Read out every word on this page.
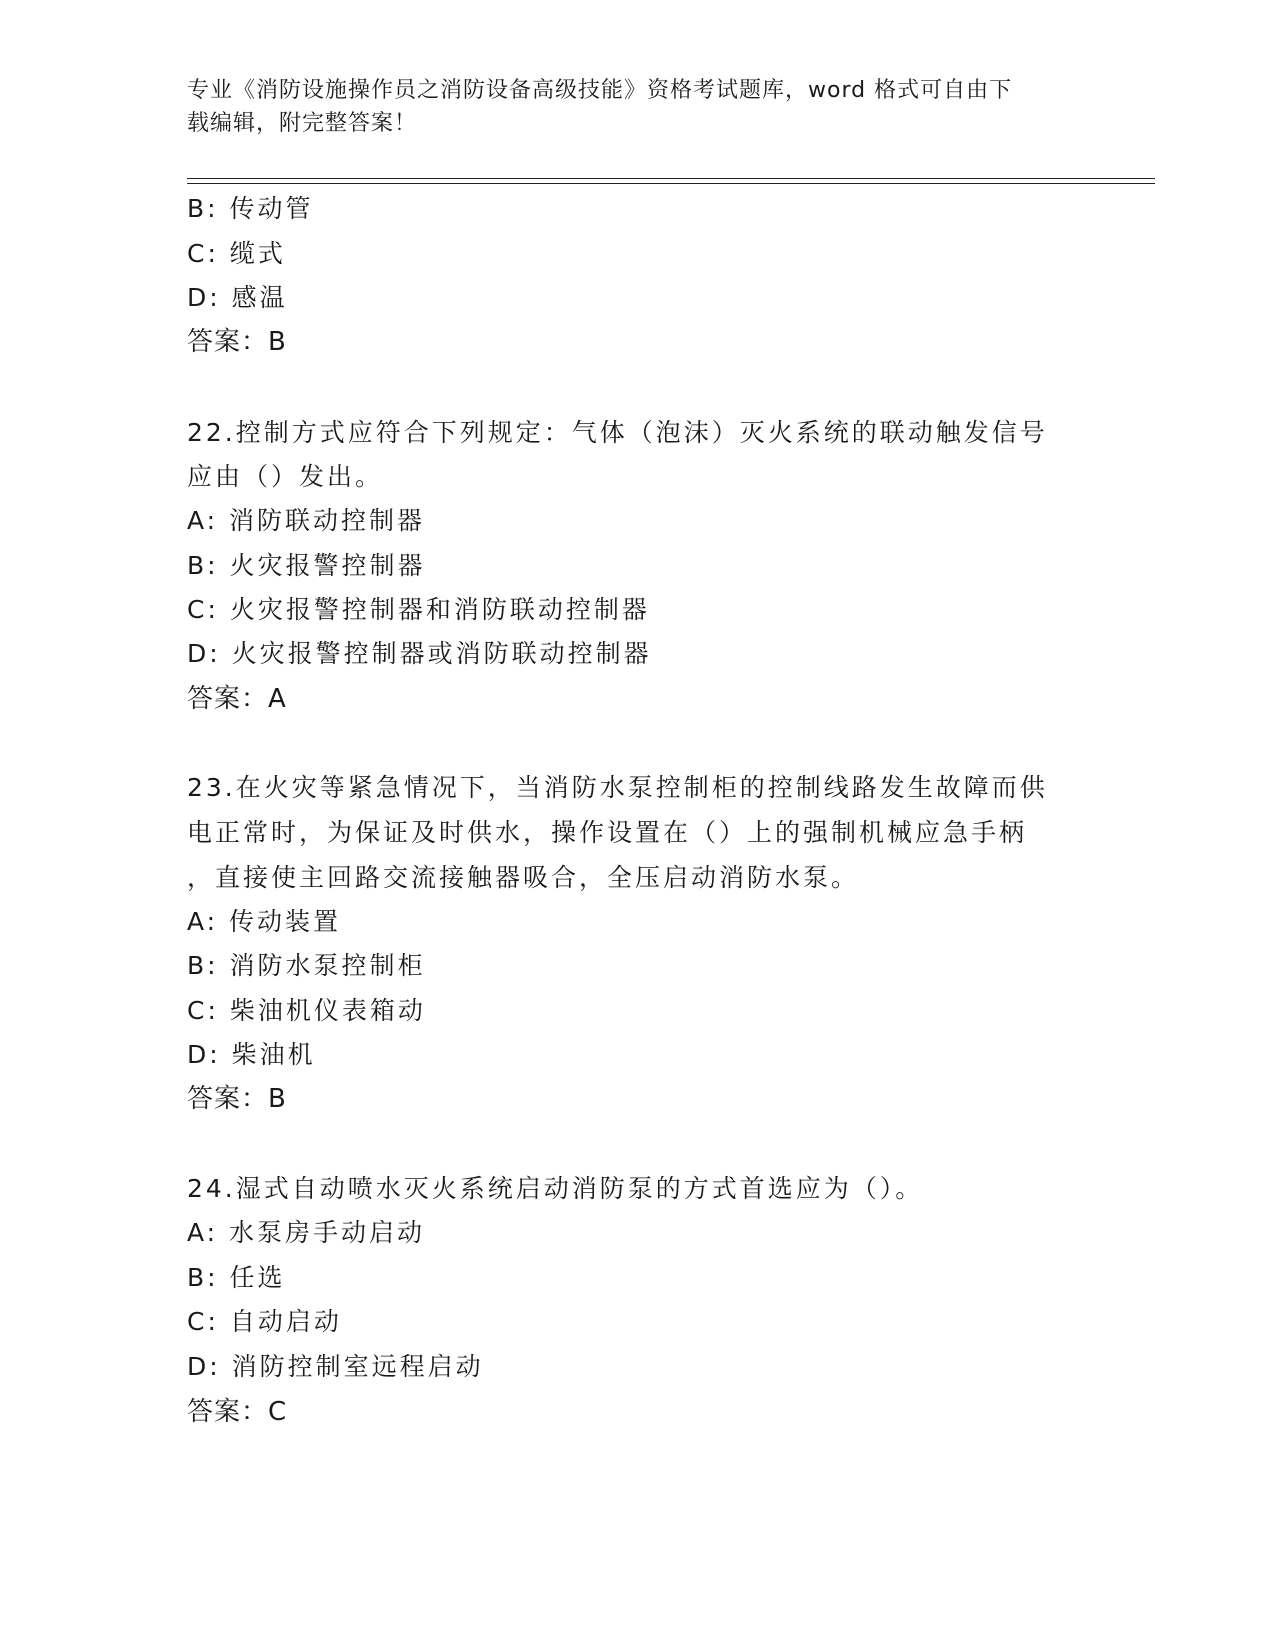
专业《消防设施操作员之消防设备高级技能》资格考试题库，word 格式可自由下
载编辑，附完整答案！
B: 传动管
C: 缆式
D: 感温
答案：B
22.控制方式应符合下列规定：气体（泡沫）灭火系统的联动触发信号
应由（）发出。
A: 消防联动控制器
B: 火灾报警控制器
C: 火灾报警控制器和消防联动控制器
D: 火灾报警控制器或消防联动控制器
答案：A
23.在火灾等紧急情况下，当消防水泵控制柜的控制线路发生故障而供
电正常时，为保证及时供水，操作设置在（）上的强制机械应急手柄
，直接使主回路交流接触器吸合，全压启动消防水泵。
A: 传动装置
B: 消防水泵控制柜
C: 柴油机仪表箱动
D: 柴油机
答案：B
24.湿式自动喷水灭火系统启动消防泵的方式首选应为（）。
A: 水泵房手动启动
B: 任选
C: 自动启动
D: 消防控制室远程启动
答案：C
